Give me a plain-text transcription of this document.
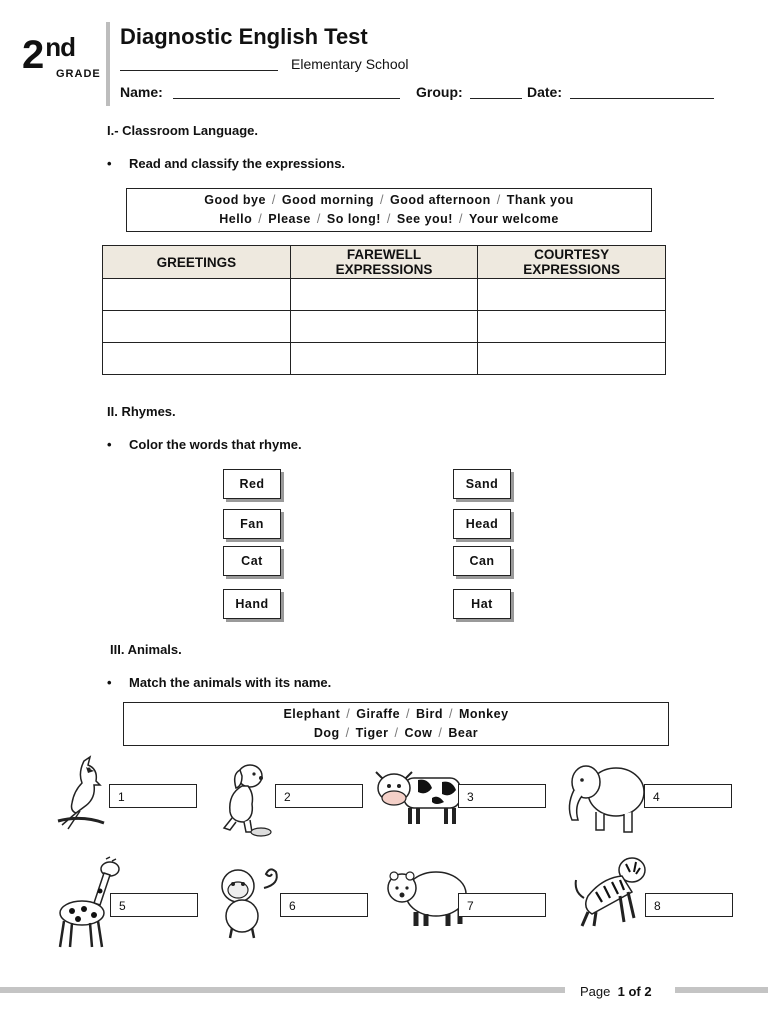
2nd
GRADE
Diagnostic English Test
Elementary School
Name:	Group:	Date:
I.- Classroom Language.
• Read and classify the expressions.
Good bye / Good morning / Good afternoon / Thank you
Hello / Please / So long! / See you! / Your welcome
GREETINGS	FAREWELL EXPRESSIONS	COURTESY EXPRESSIONS

II. Rhymes.
• Color the words that rhyme.
Red
Fan
Cat
Hand
Sand
Head
Can
Hat
III. Animals.
• Match the animals with its name.
Elephant / Giraffe / Bird / Monkey
Dog / Tiger / Cow / Bear
1	2	3	4
5	6	7	8
Page 1 of 2
